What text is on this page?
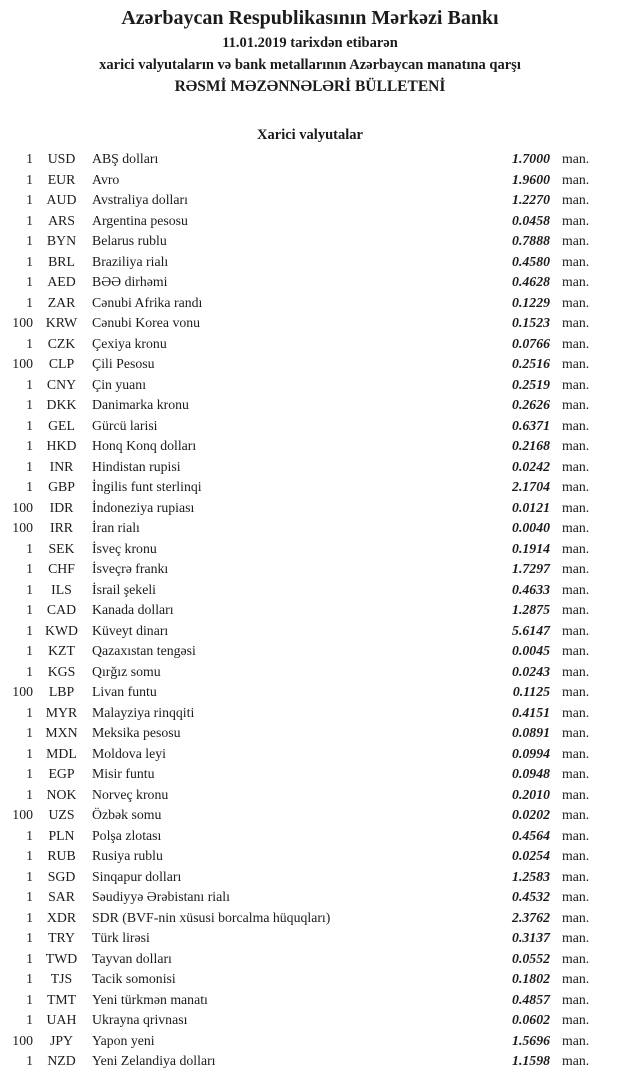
Azərbaycan Respublikasının Mərkəzi Bankı
11.01.2019 tarixdən etibarən
xarici valyutaların və bank metallarının Azərbaycan manatına qarşı
RƏSMİ MƏZƏNNƏLƏRİ BÜLLETENİ
Xarici valyutalar
1	USD	ABŞ dolları	1.7000 man.
1	EUR	Avro	1.9600 man.
1 AUD	Avstraliya dolları	1.2270 man.
1	ARS	Argentina pesosu	0.0458 man.
1	BYN	Belarus rublu	0.7888 man.
1	BRL	Braziliya rialı	0.4580 man.
1	AED	BƏƏ dirhəmi	0.4628 man.
1	ZAR	Cənubi Afrika randı	0.1229 man.
100 KRW	Cənubi Korea vonu	0.1523 man.
1	CZK	Çexiya kronu	0.0766 man.
100	CLP	Çili Pesosu	0.2516 man.
1	CNY	Çin yuanı	0.2519 man.
1 DKK	Danimarka kronu	0.2626 man.
1	GEL	Gürcü larisi	0.6371 man.
1 HKD	Honq Konq dolları	0.2168 man.
1	INR	Hindistan rupisi	0.0242 man.
1	GBP	İngilis funt sterlinqi	2.1704 man.
100	IDR	İndoneziya rupiası	0.0121 man.
100	IRR	İran rialı	0.0040 man.
1	SEK	İsveç kronu	0.1914 man.
1	CHF	İsveçrə frankı	1.7297 man.
1	ILS	İsrail şekeli	0.4633 man.
1	CAD	Kanada dolları	1.2875 man.
1 KWD	Küveyt dinarı	5.6147 man.
1	KZT	Qazaxıstan tengəsi	0.0045 man.
1	KGS	Qırğız somu	0.0243 man.
100	LBP	Livan funtu	0.1125 man.
1 MYR	Malayziya rinqqiti	0.4151 man.
1 MXN	Meksika pesosu	0.0891 man.
1 MDL	Moldova leyi	0.0994 man.
1	EGP	Misir funtu	0.0948 man.
1 NOK	Norveç kronu	0.2010 man.
100	UZS	Özbək somu	0.0202 man.
1	PLN	Polşa zlotası	0.4564 man.
1	RUB	Rusiya rublu	0.0254 man.
1	SGD	Sinqapur dolları	1.2583 man.
1	SAR	Səudiyyə Ərəbistanı rialı	0.4532 man.
1	XDR	SDR (BVF-nin xüsusi borcalma hüquqları)	2.3762 man.
1	TRY	Türk lirəsi	0.3137 man.
1 TWD	Tayvan dolları	0.0552 man.
1	TJS	Tacik somonisi	0.1802 man.
1	TMT	Yeni türkmən manatı	0.4857 man.
1 UAH	Ukrayna qrivnası	0.0602 man.
100	JPY	Yapon yeni	1.5696 man.
1	NZD	Yeni Zelandiya dolları	1.1598 man.
